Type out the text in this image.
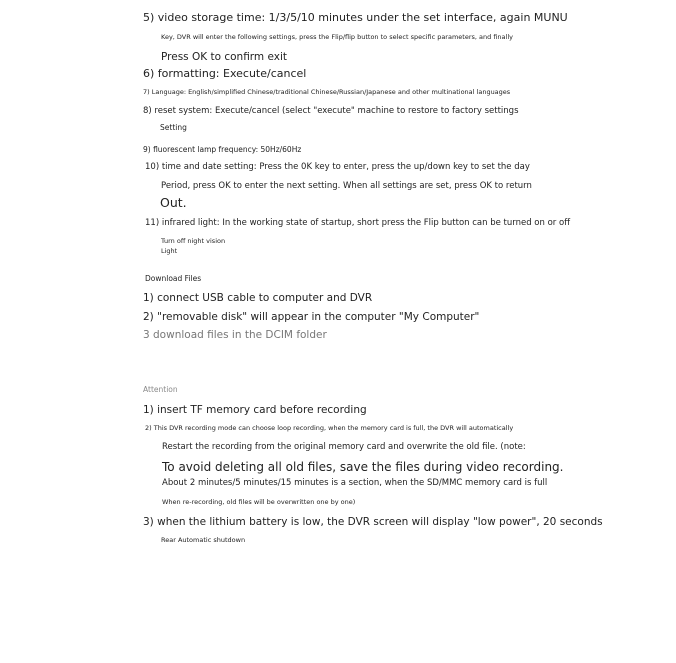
5) video storage time: 1/3/5/10 minutes under the set interface, again MUNU
Key, DVR will enter the following settings, press the Flip/flip button to select specific parameters, and finally
Press OK to confirm exit
6) formatting: Execute/cancel
7) Language: English/simplified Chinese/traditional Chinese/Russian/Japanese and other multinational languages
8) reset system: Execute/cancel (select "execute" machine to restore to factory settings
Setting
9) fluorescent lamp frequency: 50Hz/60Hz
10) time and date setting: Press the 0K key to enter, press the up/down key to set the day
Period, press OK to enter the next setting. When all settings are set, press OK to return
Out.
11) infrared light: In the working state of startup, short press the Flip button can be turned on or off
Turn off night vision
Light
Download Files
1) connect USB cable to computer and DVR
2) "removable disk" will appear in the computer "My Computer"
3 download files in the DCIM folder
Attention
1) insert TF memory card before recording
2) This DVR recording mode can choose loop recording, when the memory card is full, the DVR will automatically
Restart the recording from the original memory card and overwrite the old file. (note:
To avoid deleting all old files, save the files during video recording.
About 2 minutes/5 minutes/15 minutes is a section, when the SD/MMC memory card is full
When re-recording, old files will be overwritten one by one)
3) when the lithium battery is low, the DVR screen will display "low power", 20 seconds
Rear Automatic shutdown
